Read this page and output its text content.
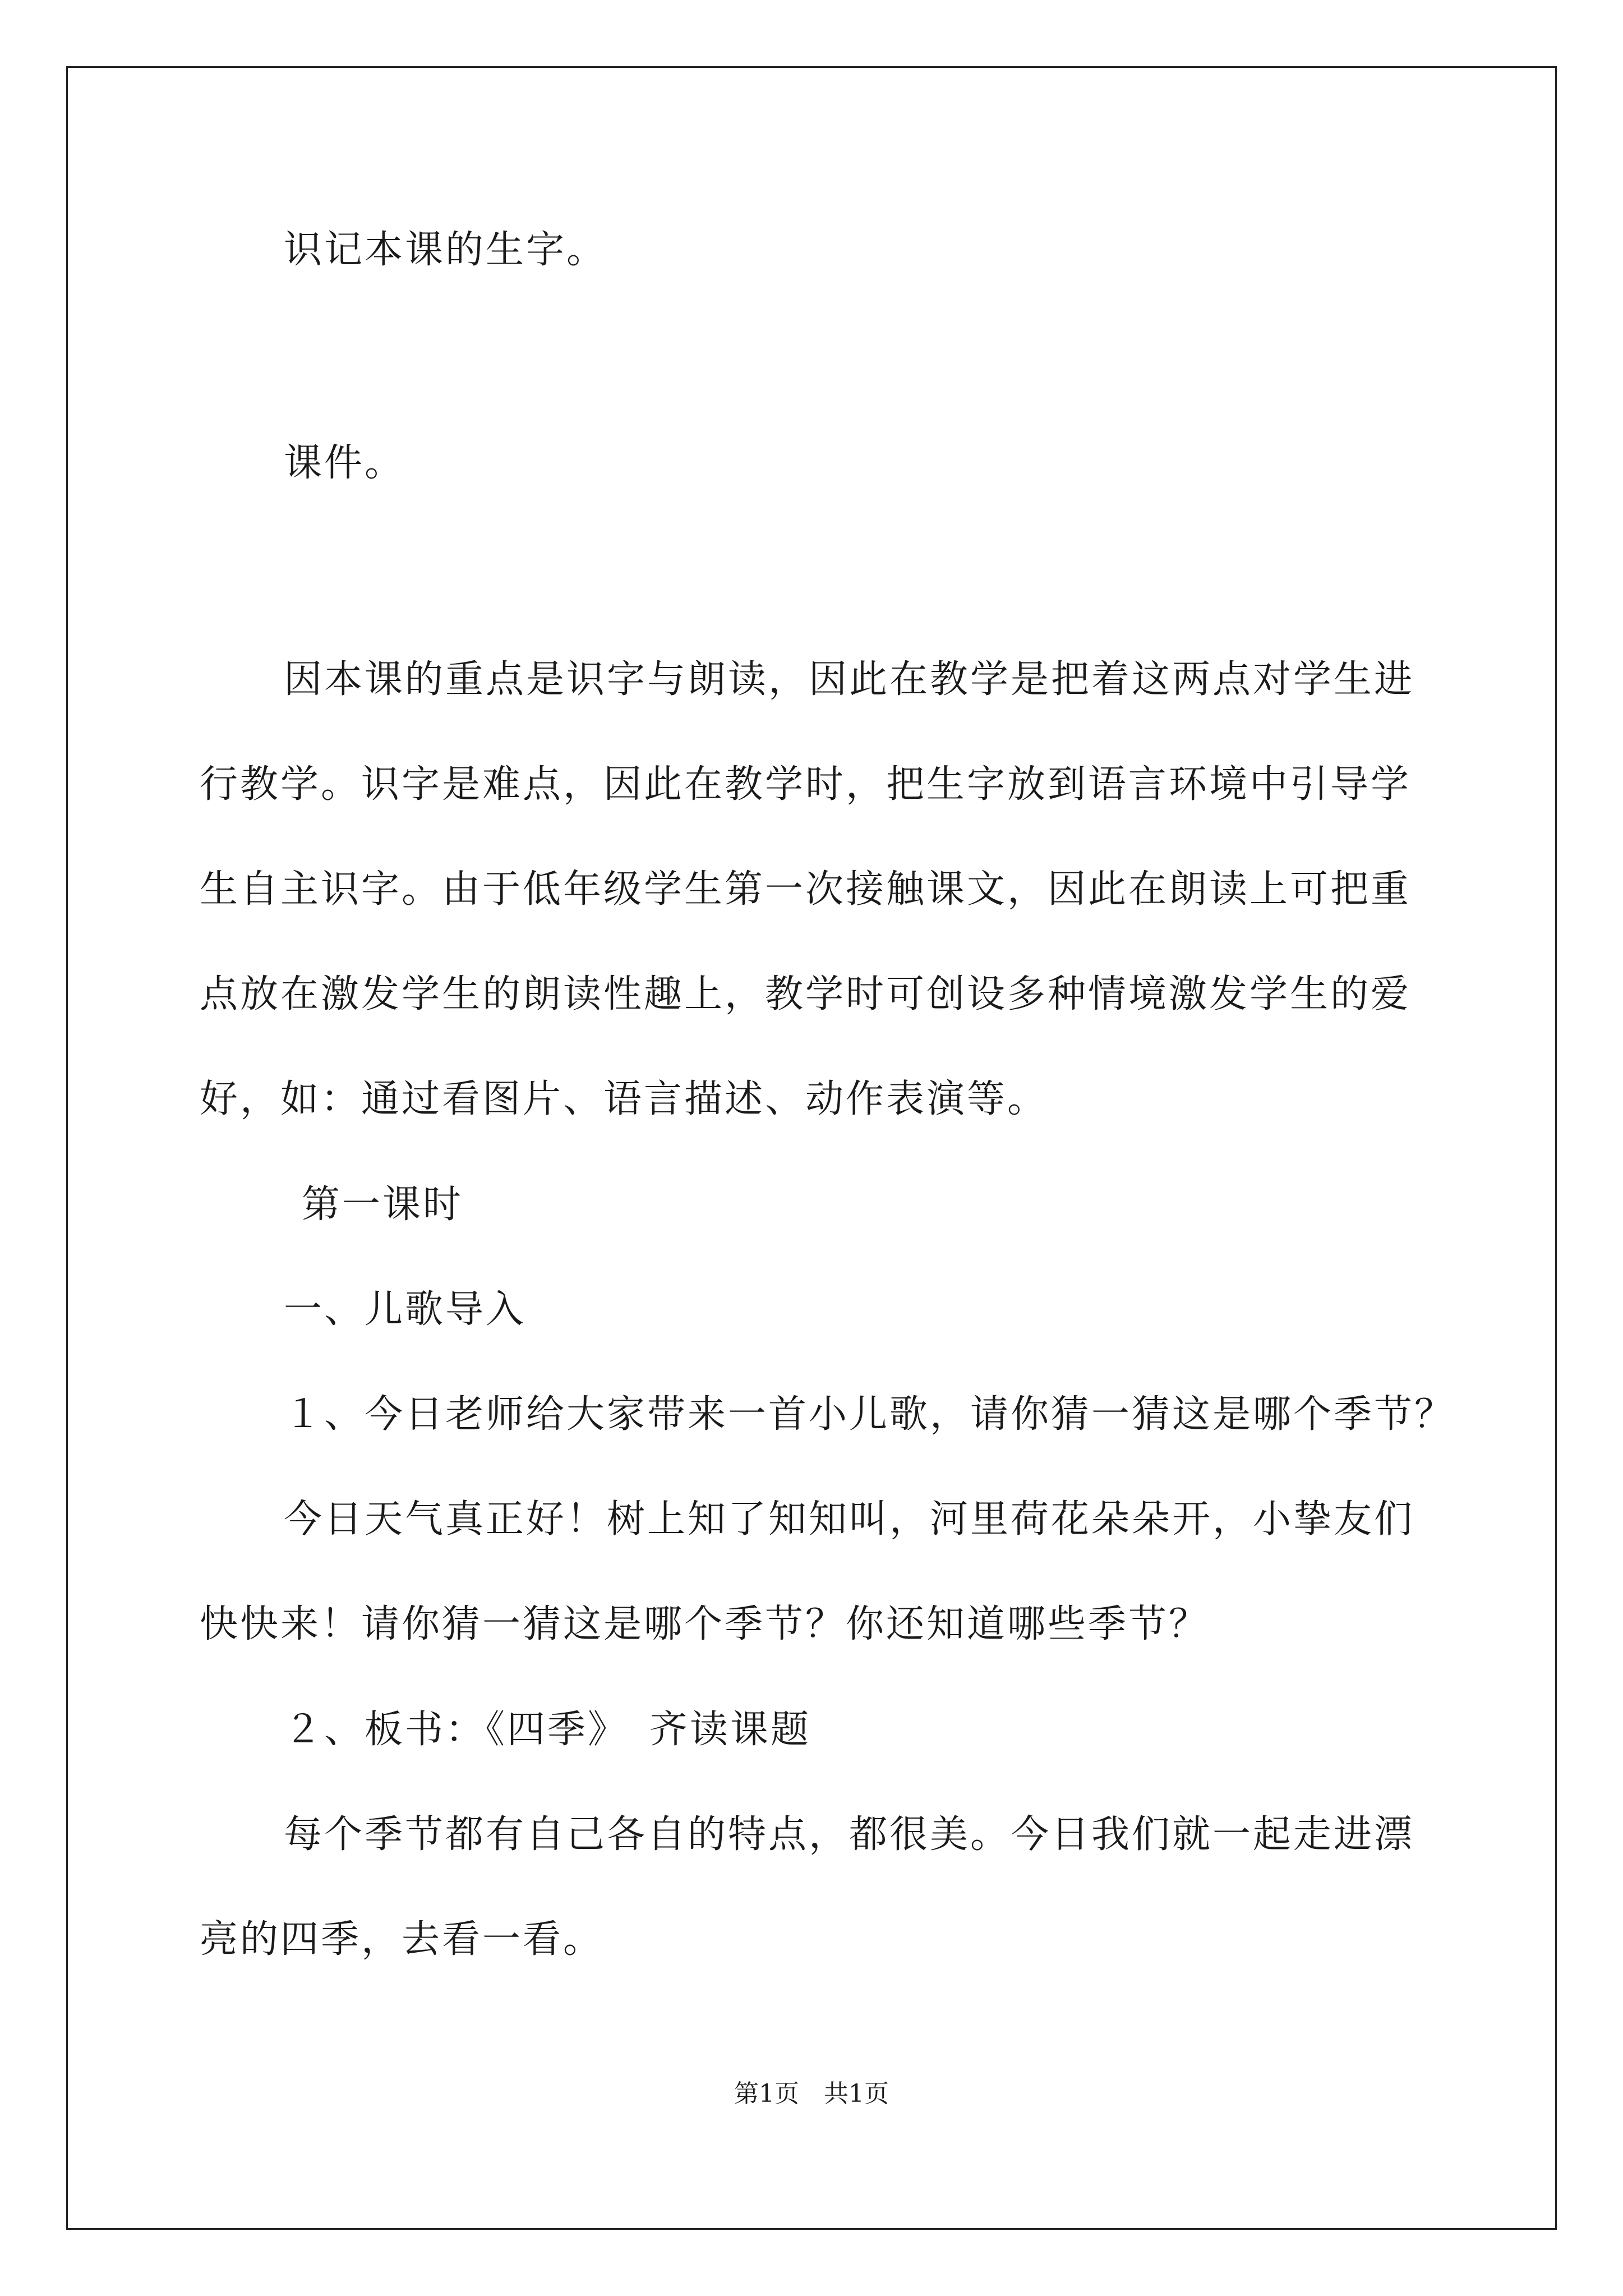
识记本课的生字。
课件。
因本课的重点是识字与朗读，因此在教学是把着这两点对学生进
行教学。识字是难点，因此在教学时，把生字放到语言环境中引导学
生自主识字。由于低年级学生第一次接触课文，因此在朗读上可把重
点放在激发学生的朗读性趣上，教学时可创设多种情境激发学生的爱
好，如：通过看图片、语言描述、动作表演等。
第一课时
一、儿歌导入
１、今日老师给大家带来一首小儿歌，请你猜一猜这是哪个季节？
今日天气真正好！树上知了知知叫，河里荷花朵朵开，小挚友们
快快来！请你猜一猜这是哪个季节？你还知道哪些季节？
２、板书：《四季》　齐读课题
每个季节都有自己各自的特点，都很美。今日我们就一起走进漂
亮的四季，去看一看。
第1页　共1页
